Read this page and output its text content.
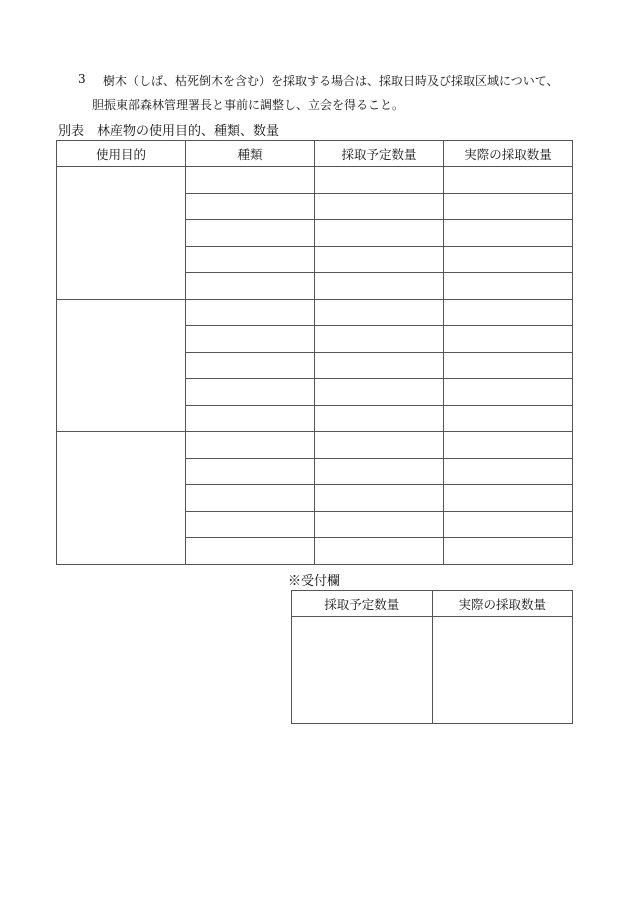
3 樹木（しば、枯死倒木を含む）を採取する場合は、採取日時及び採取区域について、
胆振東部森林管理署長と事前に調整し、立会を得ること。
別表　林産物の使用目的、種類、数量
使用目的	種類	採取予定数量	実際の採取数量

※受付欄
採取予定数量	実際の採取数量
